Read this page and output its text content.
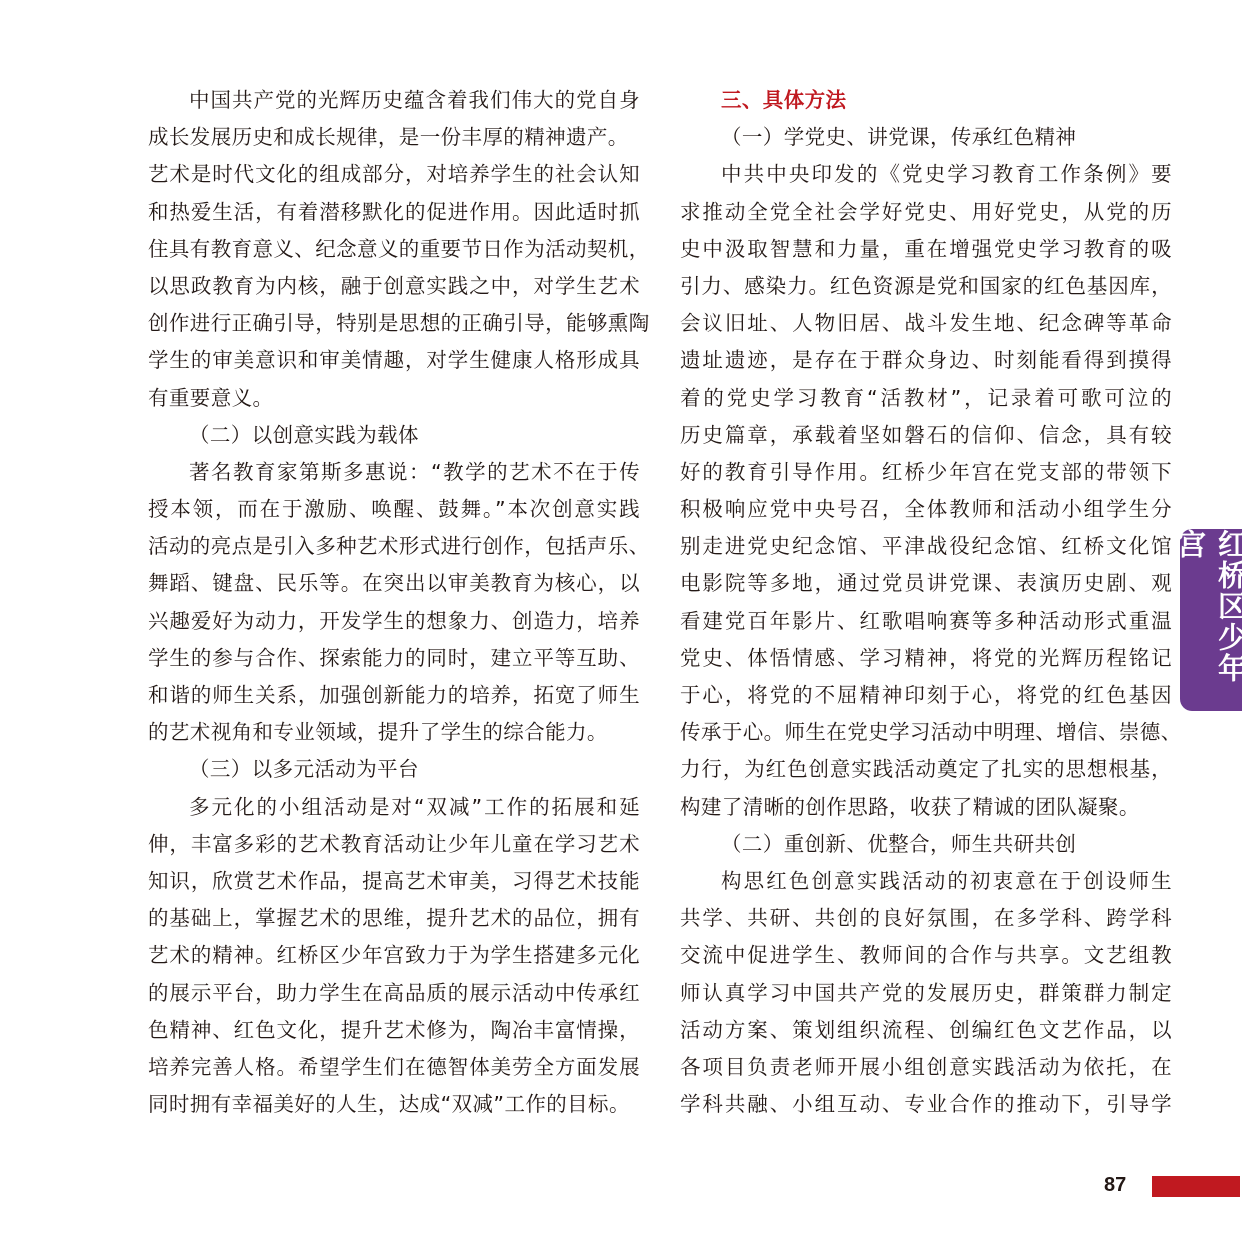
中国共产党的光辉历史蕴含着我们伟大的党自身
成长发展历史和成长规律，是一份丰厚的精神遗产。
艺术是时代文化的组成部分，对培养学生的社会认知
和热爱生活，有着潜移默化的促进作用。因此适时抓
住具有教育意义、纪念意义的重要节日作为活动契机，
以思政教育为内核，融于创意实践之中，对学生艺术
创作进行正确引导，特别是思想的正确引导，能够熏陶
学生的审美意识和审美情趣，对学生健康人格形成具
有重要意义。
（二）以创意实践为载体
著名教育家第斯多惠说：“教学的艺术不在于传
授本领，而在于激励、唤醒、鼓舞。”本次创意实践
活动的亮点是引入多种艺术形式进行创作，包括声乐、
舞蹈、键盘、民乐等。在突出以审美教育为核心，以
兴趣爱好为动力，开发学生的想象力、创造力，培养
学生的参与合作、探索能力的同时，建立平等互助、
和谐的师生关系，加强创新能力的培养，拓宽了师生
的艺术视角和专业领域，提升了学生的综合能力。
（三）以多元活动为平台
多元化的小组活动是对“双减”工作的拓展和延
伸，丰富多彩的艺术教育活动让少年儿童在学习艺术
知识，欣赏艺术作品，提高艺术审美，习得艺术技能
的基础上，掌握艺术的思维，提升艺术的品位，拥有
艺术的精神。红桥区少年宫致力于为学生搭建多元化
的展示平台，助力学生在高品质的展示活动中传承红
色精神、红色文化，提升艺术修为，陶冶丰富情操，
培养完善人格。希望学生们在德智体美劳全方面发展
同时拥有幸福美好的人生，达成“双减”工作的目标。
三、具体方法
（一）学党史、讲党课，传承红色精神
中共中央印发的《党史学习教育工作条例》要
求推动全党全社会学好党史、用好党史，从党的历
史中汲取智慧和力量，重在增强党史学习教育的吸
引力、感染力。红色资源是党和国家的红色基因库，
会议旧址、人物旧居、战斗发生地、纪念碑等革命
遗址遗迹，是存在于群众身边、时刻能看得到摸得
着的党史学习教育“活教材”，记录着可歌可泣的
历史篇章，承载着坚如磐石的信仰、信念，具有较
好的教育引导作用。红桥少年宫在党支部的带领下
积极响应党中央号召，全体教师和活动小组学生分
别走进党史纪念馆、平津战役纪念馆、红桥文化馆
电影院等多地，通过党员讲党课、表演历史剧、观
看建党百年影片、红歌唱响赛等多种活动形式重温
党史、体悟情感、学习精神，将党的光辉历程铭记
于心，将党的不屈精神印刻于心，将党的红色基因
传承于心。师生在党史学习活动中明理、增信、崇德、
力行，为红色创意实践活动奠定了扎实的思想根基，
构建了清晰的创作思路，收获了精诚的团队凝聚。
（二）重创新、优整合，师生共研共创
构思红色创意实践活动的初衷意在于创设师生
共学、共研、共创的良好氛围，在多学科、跨学科
交流中促进学生、教师间的合作与共享。文艺组教
师认真学习中国共产党的发展历史，群策群力制定
活动方案、策划组织流程、创编红色文艺作品，以
各项目负责老师开展小组创意实践活动为依托，在
学科共融、小组互动、专业合作的推动下，引导学
红桥区少年宫
87
